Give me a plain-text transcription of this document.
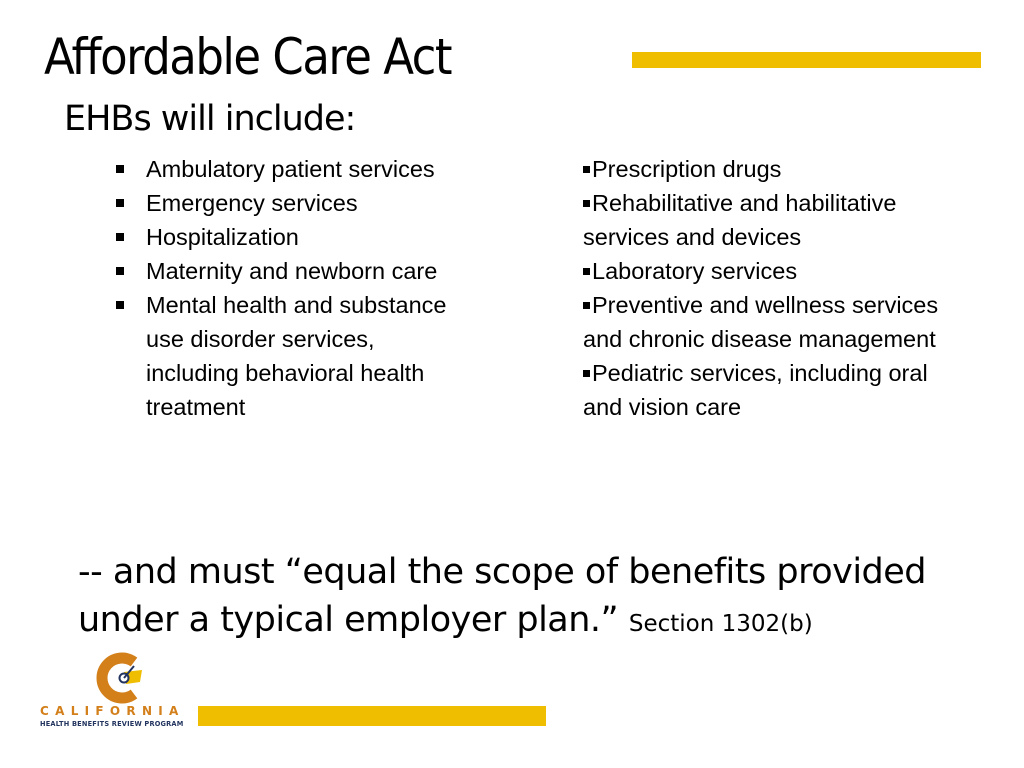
Affordable Care Act
EHBs will include:
Ambulatory patient services
Emergency services
Hospitalization
Maternity and newborn care
Mental health and substance use disorder services, including behavioral health treatment
Prescription drugs
Rehabilitative and habilitative services and devices
Laboratory services
Preventive and wellness services and chronic disease management
Pediatric services, including oral and vision care
-- and must “equal the scope of benefits provided under a typical employer plan.” Section 1302(b)
CALIFORNIA
HEALTH BENEFITS REVIEW PROGRAM
